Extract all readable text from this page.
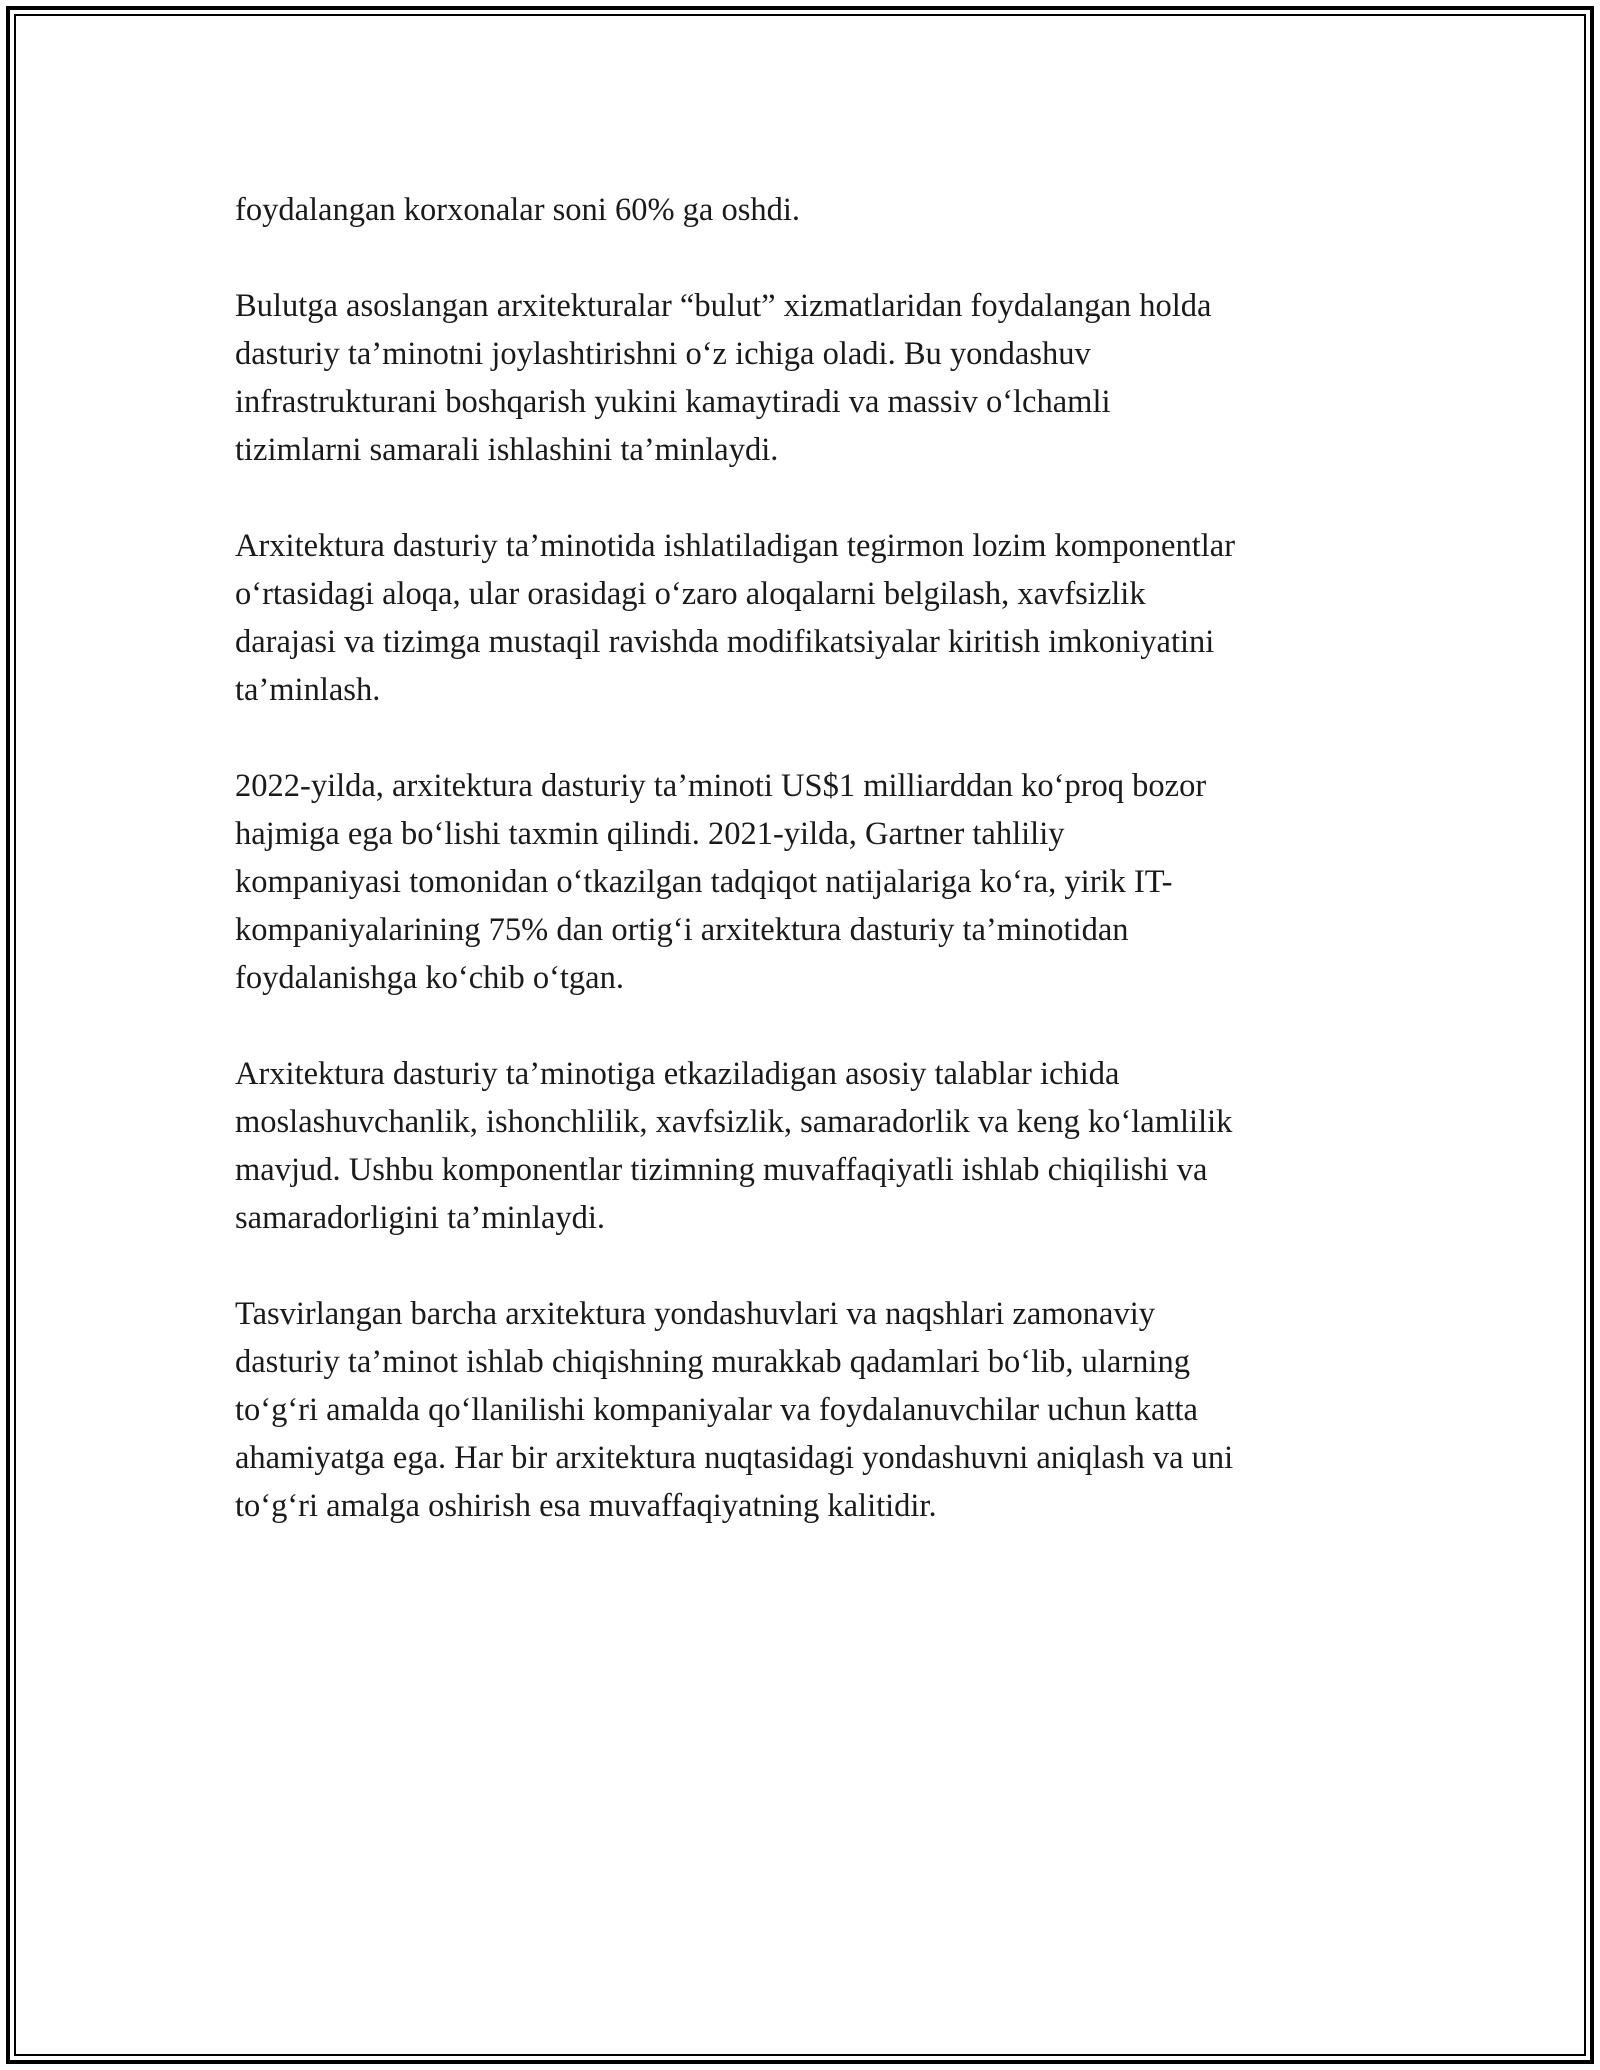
foydalangan korxonalar soni 60% ga oshdi.

Bulutga asoslangan arxitekturalar “bulut” xizmatlaridan foydalangan holda
dasturiy ta’minotni joylashtirishni o‘z ichiga oladi. Bu yondashuv
infrastrukturani boshqarish yukini kamaytiradi va massiv o‘lchamli
tizimlarni samarali ishlashini ta’minlaydi.

Arxitektura dasturiy ta’minotida ishlatiladigan tegirmon lozim komponentlar
o‘rtasidagi aloqa, ular orasidagi o‘zaro aloqalarni belgilash, xavfsizlik
darajasi va tizimga mustaqil ravishda modifikatsiyalar kiritish imkoniyatini
ta’minlash.

2022-yilda, arxitektura dasturiy ta’minoti US$1 milliarddan ko‘proq bozor
hajmiga ega bo‘lishi taxmin qilindi. 2021-yilda, Gartner tahliliy
kompaniyasi tomonidan o‘tkazilgan tadqiqot natijalariga ko‘ra, yirik IT-
kompaniyalarining 75% dan ortig‘i arxitektura dasturiy ta’minotidan
foydalanishga ko‘chib o‘tgan.

Arxitektura dasturiy ta’minotiga etkaziladigan asosiy talablar ichida
moslashuvchanlik, ishonchlilik, xavfsizlik, samaradorlik va keng ko‘lamlilik
mavjud. Ushbu komponentlar tizimning muvaffaqiyatli ishlab chiqilishi va
samaradorligini ta’minlaydi.

Tasvirlangan barcha arxitektura yondashuvlari va naqshlari zamonaviy
dasturiy ta’minot ishlab chiqishning murakkab qadamlari bo‘lib, ularning
to‘g‘ri amalda qo‘llanilishi kompaniyalar va foydalanuvchilar uchun katta
ahamiyatga ega. Har bir arxitektura nuqtasidagi yondashuvni aniqlash va uni
to‘g‘ri amalga oshirish esa muvaffaqiyatning kalitidir.
